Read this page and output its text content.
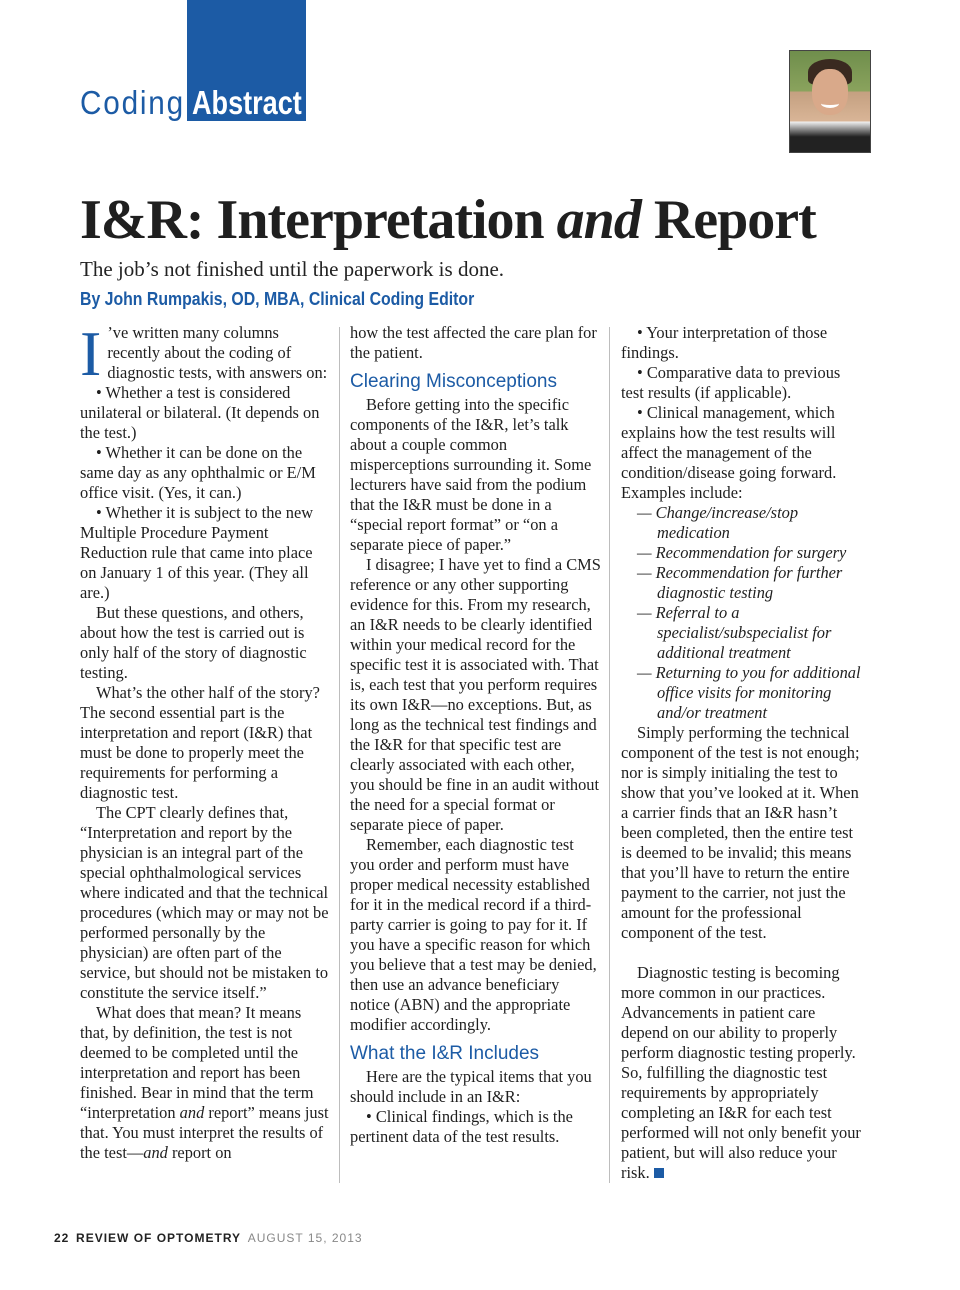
Coding Abstract
I&R: Interpretation and Report
The job’s not finished until the paperwork is done.
By John Rumpakis, OD, MBA, Clinical Coding Editor

I ’ve written many columns recently about the coding of diagnostic tests, with answers on:

• Whether a test is considered unilateral or bilateral. (It depends on the test.)

• Whether it can be done on the same day as any ophthalmic or E/M office visit. (Yes, it can.)

• Whether it is subject to the new Multiple Procedure Payment Reduction rule that came into place on January 1 of this year. (They all are.)

But these questions, and others, about how the test is carried out is only half of the story of diagnostic testing.

What’s the other half of the story? The second essential part is the interpretation and report (I&R) that must be done to properly meet the requirements for performing a diagnostic test.

The CPT clearly defines that, “Interpretation and report by the physician is an integral part of the special ophthalmological services where indicated and that the technical procedures (which may or may not be performed personally by the physician) are often part of the service, but should not be mistaken to constitute the service itself.”

What does that mean? It means that, by definition, the test is not deemed to be completed until the interpretation and report has been finished. Bear in mind that the term “interpretation and report” means just that. You must interpret the results of the test—and report on

how the test affected the care plan for the patient.

Clearing Misconceptions

Before getting into the specific components of the I&R, let’s talk about a couple common misperceptions surrounding it. Some lecturers have said from the podium that the I&R must be done in a “special report format” or “on a separate piece of paper.”

I disagree; I have yet to find a CMS reference or any other supporting evidence for this. From my research, an I&R needs to be clearly identified within your medical record for the specific test it is associated with. That is, each test that you perform requires its own I&R—no exceptions. But, as long as the technical test findings and the I&R for that specific test are clearly associated with each other, you should be fine in an audit without the need for a special format or separate piece of paper.

Remember, each diagnostic test you order and perform must have proper medical necessity established for it in the medical record if a third-party carrier is going to pay for it. If you have a specific reason for which you believe that a test may be denied, then use an advance beneficiary notice (ABN) and the appropriate modifier accordingly.

What the I&R Includes

Here are the typical items that you should include in an I&R:

• Clinical findings, which is the pertinent data of the test results.

• Your interpretation of those findings.

• Comparative data to previous test results (if applicable).

• Clinical management, which explains how the test results will affect the management of the condition/disease going forward. Examples include:

— Change/increase/stop medication

— Recommendation for surgery

— Recommendation for further diagnostic testing

— Referral to a specialist/subspecialist for additional treatment

— Returning to you for additional office visits for monitoring and/or treatment

Simply performing the technical component of the test is not enough; nor is simply initialing the test to show that you’ve looked at it. When a carrier finds that an I&R hasn’t been completed, then the entire test is deemed to be invalid; this means that you’ll have to return the entire payment to the carrier, not just the amount for the professional component of the test.

Diagnostic testing is becoming more common in our practices. Advancements in patient care depend on our ability to properly perform diagnostic testing properly. So, fulfilling the diagnostic test requirements by appropriately completing an I&R for each test performed will not only benefit your patient, but will also reduce your risk.

22 REVIEW OF OPTOMETRY AUGUST 15, 2013
